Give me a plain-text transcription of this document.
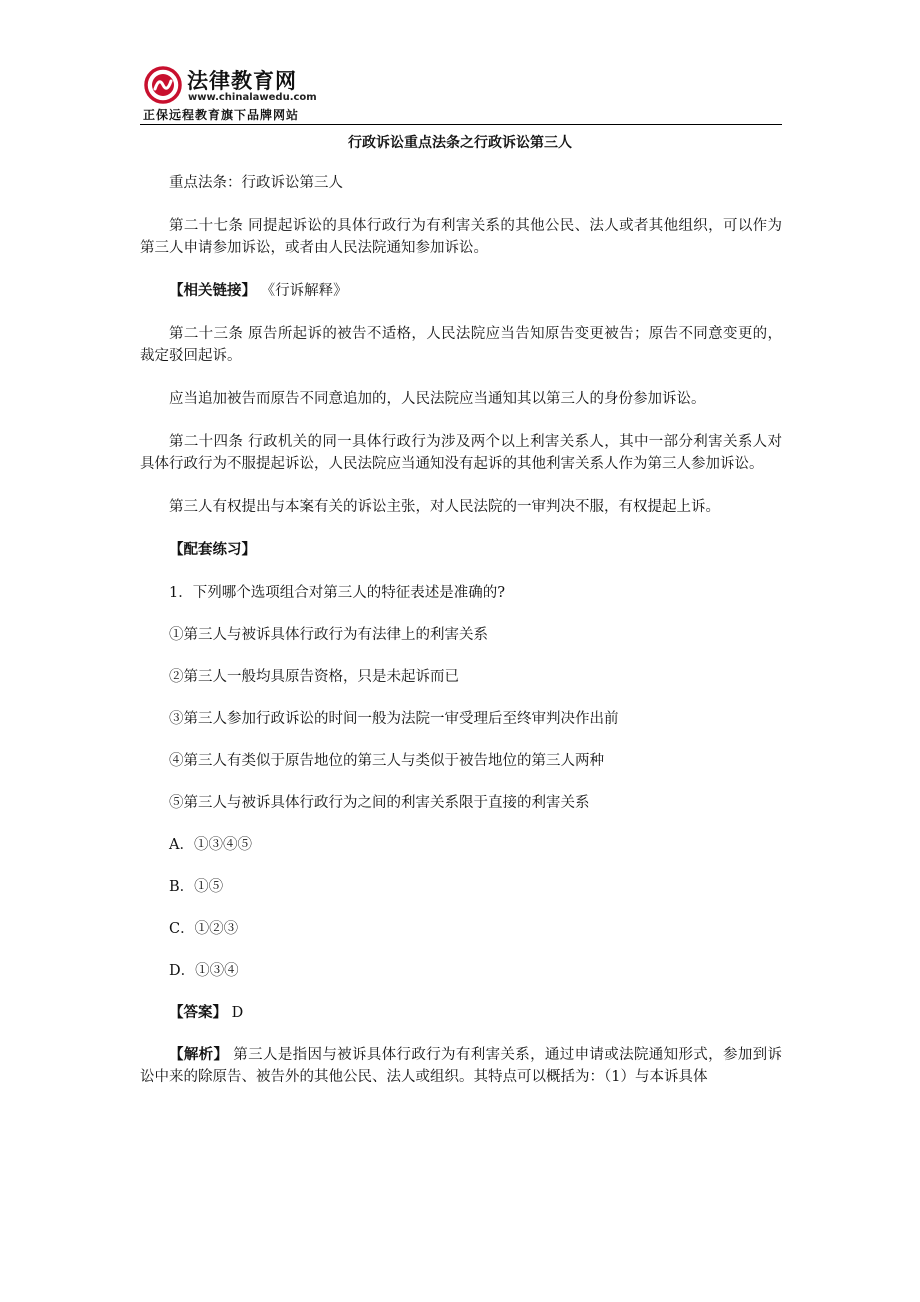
法律教育网
www.chinalawedu.com
正保远程教育旗下品牌网站
行政诉讼重点法条之行政诉讼第三人

重点法条：行政诉讼第三人

第二十七条 同提起诉讼的具体行政行为有利害关系的其他公民、法人或者其他组织，可以作为第三人申请参加诉讼，或者由人民法院通知参加诉讼。

【相关链接】 《行诉解释》

第二十三条 原告所起诉的被告不适格，人民法院应当告知原告变更被告；原告不同意变更的，裁定驳回起诉。

应当追加被告而原告不同意追加的，人民法院应当通知其以第三人的身份参加诉讼。

第二十四条 行政机关的同一具体行政行为涉及两个以上利害关系人，其中一部分利害关系人对具体行政行为不服提起诉讼，人民法院应当通知没有起诉的其他利害关系人作为第三人参加诉讼。

第三人有权提出与本案有关的诉讼主张，对人民法院的一审判决不服，有权提起上诉。

【配套练习】

1．下列哪个选项组合对第三人的特征表述是准确的?

①第三人与被诉具体行政行为有法律上的利害关系

②第三人一般均具原告资格，只是未起诉而已

③第三人参加行政诉讼的时间一般为法院一审受理后至终审判决作出前

④第三人有类似于原告地位的第三人与类似于被告地位的第三人两种

⑤第三人与被诉具体行政行为之间的利害关系限于直接的利害关系

A．①③④⑤

B．①⑤

C．①②③

D．①③④

【答案】 D

【解析】 第三人是指因与被诉具体行政行为有利害关系，通过申请或法院通知形式，参加到诉讼中来的除原告、被告外的其他公民、法人或组织。其特点可以概括为：（1）与本诉具体
